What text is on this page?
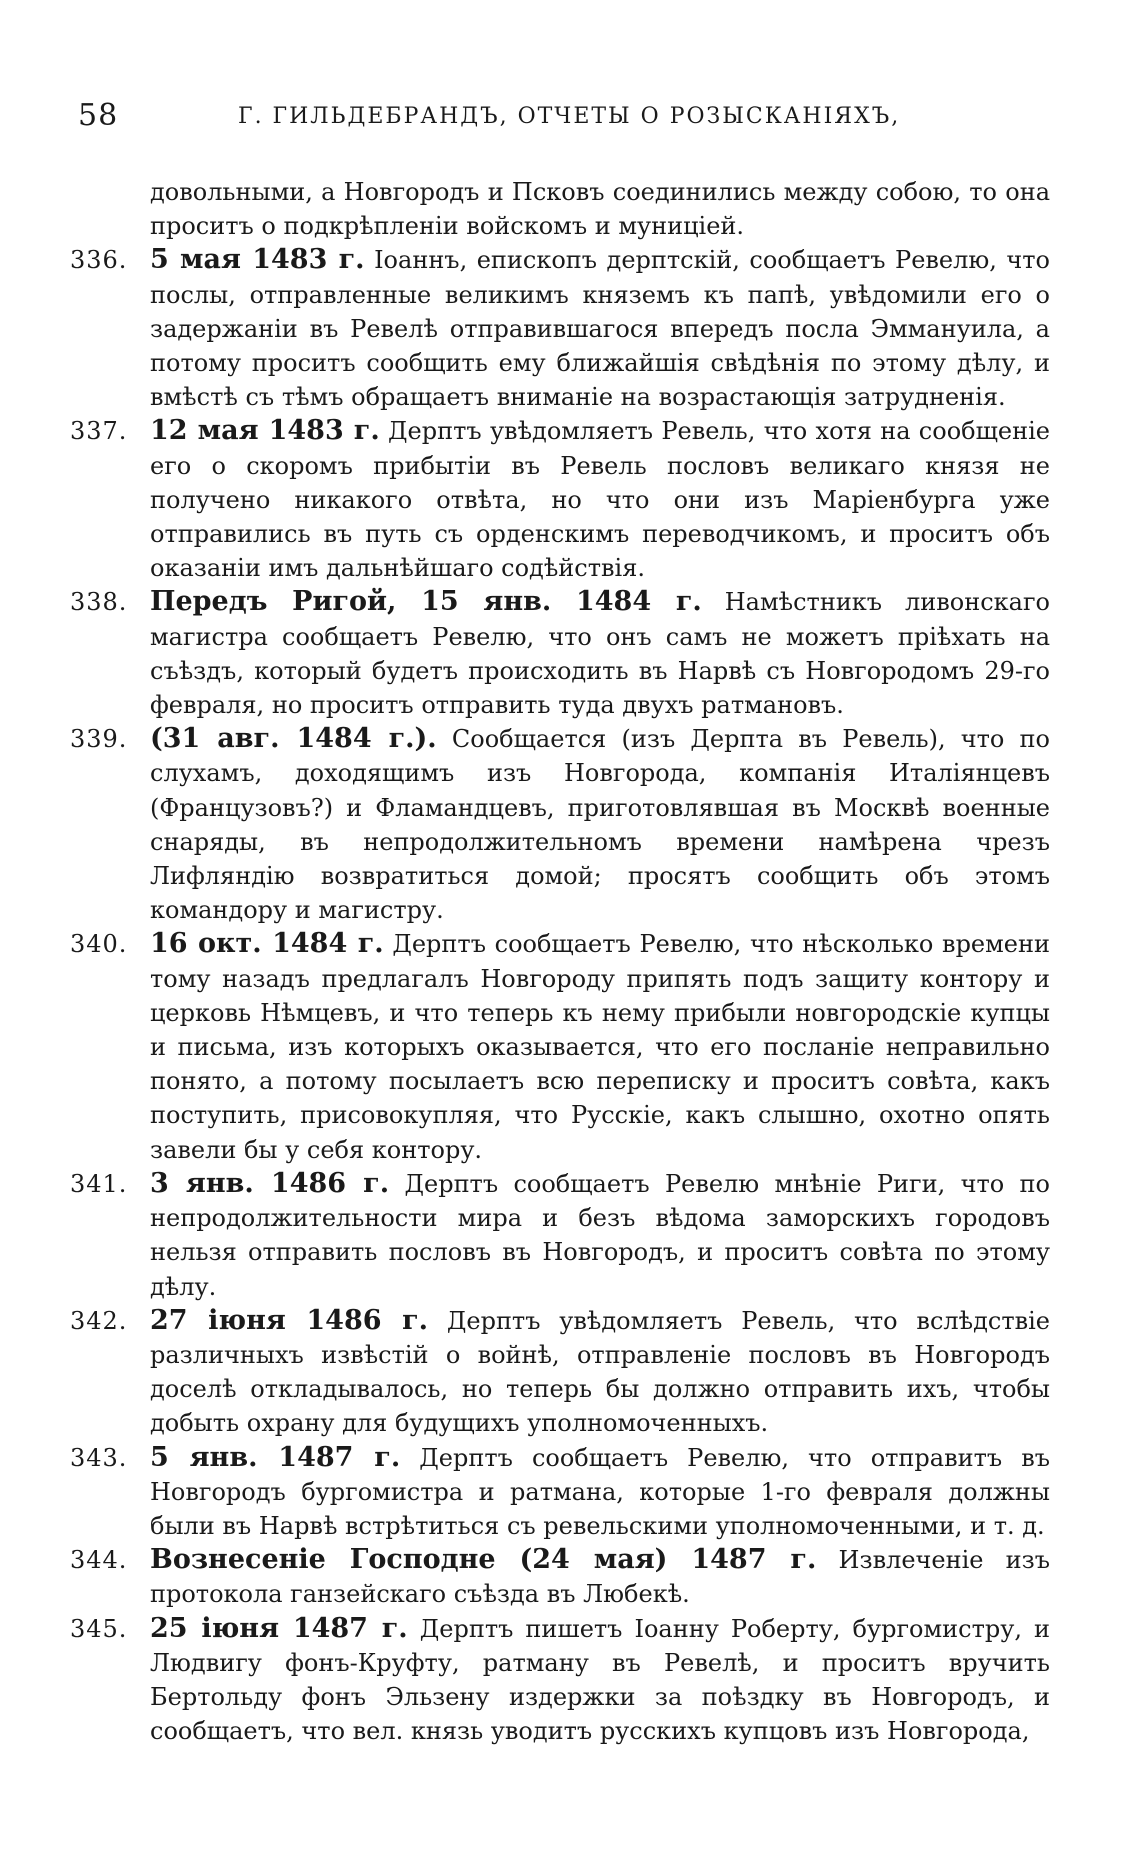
58	Г. ГИЛЬДЕБРАНДЪ, ОТЧЕТЫ О РОЗЫСКАНІЯХЪ,
довольными, а Новгородъ и Псковъ соединились между собою, то она проситъ о подкрѣпленіи войскомъ и муниціей.
336. 5 мая 1483 г. Іоаннъ, епископъ дерптскій, сообщаетъ Ревелю, что послы, отправленные великимъ княземъ къ папѣ, увѣдомили его о задержаніи въ Ревелѣ отправившагося впередъ посла Эммануила, а потому проситъ сообщить ему ближайшія свѣдѣнія по этому дѣлу, и вмѣстѣ съ тѣмъ обращаетъ вниманіе на возрастающія затрудненія.
337. 12 мая 1483 г. Дерптъ увѣдомляетъ Ревель, что хотя на сообщеніе его о скоромъ прибытіи въ Ревель пословъ великаго князя не получено никакого отвѣта, но что они изъ Маріенбурга уже отправились въ путь съ орденскимъ переводчикомъ, и проситъ объ оказаніи имъ дальнѣйшаго содѣйствія.
338. Передъ Ригой, 15 янв. 1484 г. Намѣстникъ ливонскаго магистра сообщаетъ Ревелю, что онъ самъ не можетъ пріѣхать на съѣздъ, который будетъ происходить въ Нарвѣ съ Новгородомъ 29-го февраля, но проситъ отправить туда двухъ ратмановъ.
339. (31 авг. 1484 г.). Сообщается (изъ Дерпта въ Ревель), что по слухамъ, доходящимъ изъ Новгорода, компанія Италіянцевъ (Французовъ?) и Фламандцевъ, приготовлявшая въ Москвѣ военные снаряды, въ непродолжительномъ времени намѣрена чрезъ Лифляндію возвратиться домой; просятъ сообщить объ этомъ командору и магистру.
340. 16 окт. 1484 г. Дерптъ сообщаетъ Ревелю, что нѣсколько времени тому назадъ предлагалъ Новгороду припять подъ защиту контору и церковь Нѣмцевъ, и что теперь къ нему прибыли новгородскіе купцы и письма, изъ которыхъ оказывается, что его посланіе неправильно понято, а потому посылаетъ всю переписку и проситъ совѣта, какъ поступить, присовокупляя, что Русскіе, какъ слышно, охотно опять завели бы у себя контору.
341. 3 янв. 1486 г. Дерптъ сообщаетъ Ревелю мнѣніе Риги, что по непродолжительности мира и безъ вѣдома заморскихъ городовъ нельзя отправить пословъ въ Новгородъ, и проситъ совѣта по этому дѣлу.
342. 27 іюня 1486 г. Дерптъ увѣдомляетъ Ревель, что вслѣдствіе различныхъ извѣстій о войнѣ, отправленіе пословъ въ Новгородъ доселѣ откладывалось, но теперь бы должно отправить ихъ, чтобы добыть охрану для будущихъ уполномоченныхъ.
343. 5 янв. 1487 г. Дерптъ сообщаетъ Ревелю, что отправитъ въ Новгородъ бургомистра и ратмана, которые 1-го февраля должны были въ Нарвѣ встрѣтиться съ ревельскими уполномоченными, и т. д.
344. Вознесеніе Господне (24 мая) 1487 г. Извлеченіе изъ протокола ганзейскаго съѣзда въ Любекѣ.
345. 25 іюня 1487 г. Дерптъ пишетъ Іоанну Роберту, бургомистру, и Людвигу фонъ-Круфту, ратману въ Ревелѣ, и проситъ вручить Бертольду фонъ Эльзену издержки за поѣздку въ Новгородъ, и сообщаетъ, что вел. князь уводитъ русскихъ купцовъ изъ Новгорода,
